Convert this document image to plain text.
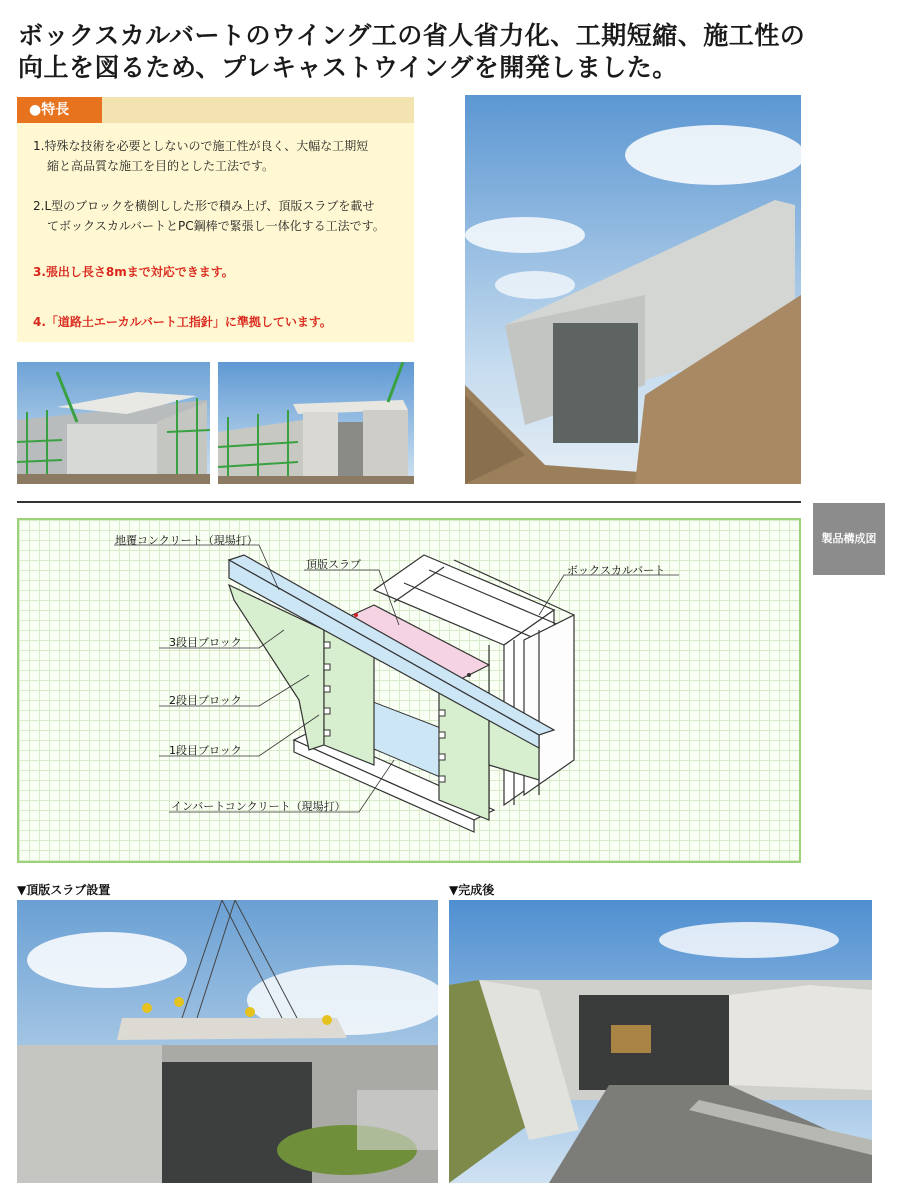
ボックスカルバートのウイング工の省人省力化、工期短縮、施工性の
向上を図るため、プレキャストウイングを開発しました。
●特長
1.特殊な技術を必要としないので施工性が良く、大幅な工期短
縮と高品質な施工を目的とした工法です。
2.L型のブロックを横倒しした形で積み上げ、頂版スラブを載せ
てボックスカルバートとPC鋼棒で緊張し一体化する工法です。
3.張出し長さ8mまで対応できます。
4.「道路土エーカルバート工指針」に準拠しています。
製品構成図
地覆コンクリート（現場打）
頂版スラブ	ボックスカルバート
3段目ブロック
2段目ブロック
1段目ブロック
インバートコンクリート（現場打）
▼頂版スラブ設置	▼完成後
